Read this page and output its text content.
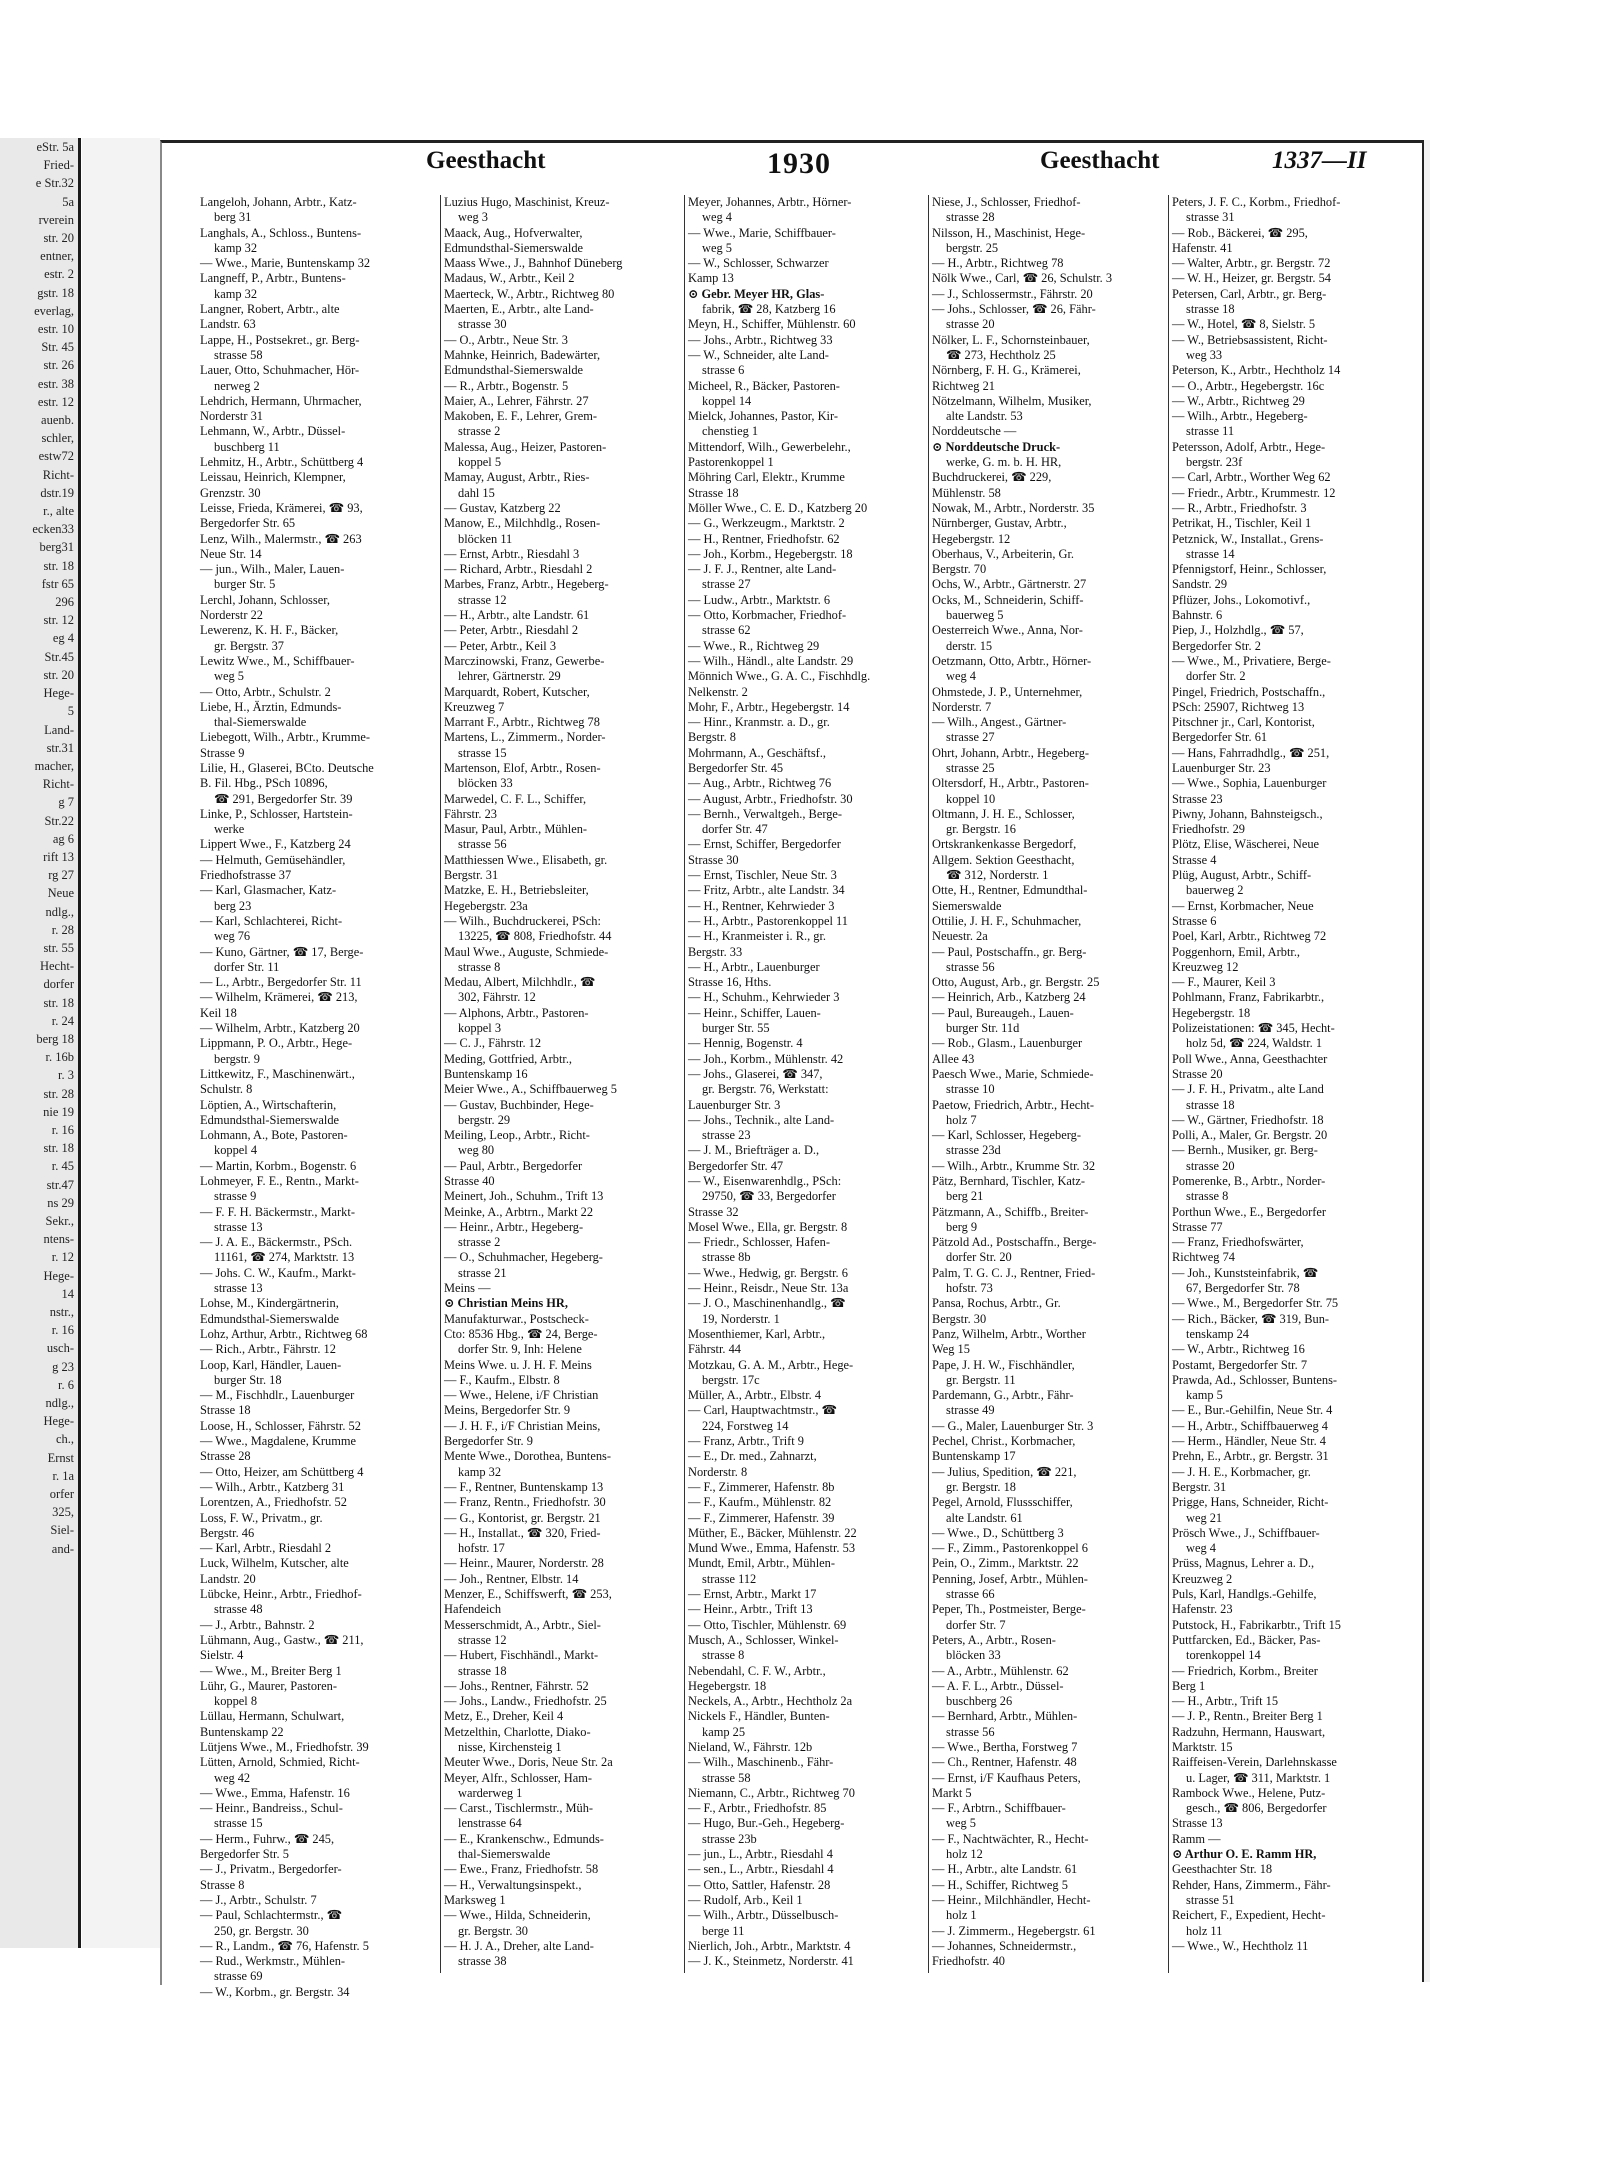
eStr. 5a
Fried-
e Str.32
5a
rverein
str. 20
entner,
estr. 2
gstr. 18
everlag,
estr. 10
Str. 45
str. 26
estr. 38
estr. 12
auenb.
schler,
estw72
Richt-
dstr.19
r., alte
ecken33
berg31
str. 18
fstr 65
296
str. 12
eg 4
Str.45
str. 20
Hege-
5
Land-
str.31
macher,
Richt-
g 7
Str.22
ag 6
rift 13
rg 27
Neue
ndlg.,
r. 28
str. 55
Hecht-
dorfer
str. 18
r. 24
berg 18
r. 16b
r. 3
str. 28
nie 19
r. 16
str. 18
r. 45
str.47
ns 29
Sekr.,
ntens-
r. 12
Hege-
14
nstr.,
r. 16
usch-
g 23
r. 6
ndlg.,
Hege-
ch.,
Ernst
r. 1a
orfer
325,
Siel-
and-
Geesthacht	1930	Geesthacht	1337—II
Langeloh, Johann, Arbtr., Katz-
berg 31
Langhals, A., Schloss., Buntens-
kamp 32
— Wwe., Marie, Buntenskamp 32
Langneff, P., Arbtr., Buntens-
kamp 32
Langner, Robert, Arbtr., alte
Landstr. 63
Lappe, H., Postsekret., gr. Berg-
strasse 58
Lauer, Otto, Schuhmacher, Hör-
nerweg 2
Lehdrich, Hermann, Uhrmacher,
Norderstr 31
Lehmann, W., Arbtr., Düssel-
buschberg 11
Lehmitz, H., Arbtr., Schüttberg 4
Leissau, Heinrich, Klempner,
Grenzstr. 30
Leisse, Frieda, Krämerei, ☎ 93,
Bergedorfer Str. 65
Lenz, Wilh., Malermstr., ☎ 263
Neue Str. 14
— jun., Wilh., Maler, Lauen-
burger Str. 5
Lerchl, Johann, Schlosser,
Norderstr 22
Lewerenz, K. H. F., Bäcker,
gr. Bergstr. 37
Lewitz Wwe., M., Schiffbauer-
weg 5
— Otto, Arbtr., Schulstr. 2
Liebe, H., Ärztin, Edmunds-
thal-Siemerswalde
Liebegott, Wilh., Arbtr., Krumme-
Strasse 9
Lilie, H., Glaserei, BCto. Deutsche
B. Fil. Hbg., PSch 10896,
☎ 291, Bergedorfer Str. 39
Linke, P., Schlosser, Hartstein-
werke
Lippert Wwe., F., Katzberg 24
— Helmuth, Gemüsehändler,
Friedhofstrasse 37
— Karl, Glasmacher, Katz-
berg 23
— Karl, Schlachterei, Richt-
weg 76
— Kuno, Gärtner, ☎ 17, Berge-
dorfer Str. 11
— L., Arbtr., Bergedorfer Str. 11
— Wilhelm, Krämerei, ☎ 213,
Keil 18
— Wilhelm, Arbtr., Katzberg 20
Lippmann, P. O., Arbtr., Hege-
bergstr. 9
Littkewitz, F., Maschinenwärt.,
Schulstr. 8
Löptien, A., Wirtschafterin,
Edmundsthal-Siemerswalde
Lohmann, A., Bote, Pastoren-
koppel 4
— Martin, Korbm., Bogenstr. 6
Lohmeyer, F. E., Rentn., Markt-
strasse 9
— F. F. H. Bäckermstr., Markt-
strasse 13
— J. A. E., Bäckermstr., PSch.
11161, ☎ 274, Marktstr. 13
— Johs. C. W., Kaufm., Markt-
strasse 13
Lohse, M., Kindergärtnerin,
Edmundsthal-Siemerswalde
Lohz, Arthur, Arbtr., Richtweg 68
— Rich., Arbtr., Fährstr. 12
Loop, Karl, Händler, Lauen-
burger Str. 18
— M., Fischhdlr., Lauenburger
Strasse 18
Loose, H., Schlosser, Fährstr. 52
— Wwe., Magdalene, Krumme
Strasse 28
— Otto, Heizer, am Schüttberg 4
— Wilh., Arbtr., Katzberg 31
Lorentzen, A., Friedhofstr. 52
Loss, F. W., Privatm., gr.
Bergstr. 46
— Karl, Arbtr., Riesdahl 2
Luck, Wilhelm, Kutscher, alte
Landstr. 20
Lübcke, Heinr., Arbtr., Friedhof-
strasse 48
— J., Arbtr., Bahnstr. 2
Lühmann, Aug., Gastw., ☎ 211,
Sielstr. 4
— Wwe., M., Breiter Berg 1
Lühr, G., Maurer, Pastoren-
koppel 8
Lüllau, Hermann, Schulwart,
Buntenskamp 22
Lütjens Wwe., M., Friedhofstr. 39
Lütten, Arnold, Schmied, Richt-
weg 42
— Wwe., Emma, Hafenstr. 16
— Heinr., Bandreiss., Schul-
strasse 15
— Herm., Fuhrw., ☎ 245,
Bergedorfer Str. 5
— J., Privatm., Bergedorfer-
Strasse 8
— J., Arbtr., Schulstr. 7
— Paul, Schlachtermstr., ☎
250, gr. Bergstr. 30
— R., Landm., ☎ 76, Hafenstr. 5
— Rud., Werkmstr., Mühlen-
strasse 69
— W., Korbm., gr. Bergstr. 34
Luzius Hugo, Maschinist, Kreuz-
weg 3
Maack, Aug., Hofverwalter,
Edmundsthal-Siemerswalde
Maass Wwe., J., Bahnhof Düneberg
Madaus, W., Arbtr., Keil 2
Maerteck, W., Arbtr., Richtweg 80
Maerten, E., Arbtr., alte Land-
strasse 30
— O., Arbtr., Neue Str. 3
Mahnke, Heinrich, Badewärter,
Edmundsthal-Siemerswalde
— R., Arbtr., Bogenstr. 5
Maier, A., Lehrer, Fährstr. 27
Makoben, E. F., Lehrer, Grem-
strasse 2
Malessa, Aug., Heizer, Pastoren-
koppel 5
Mamay, August, Arbtr., Ries-
dahl 15
— Gustav, Katzberg 22
Manow, E., Milchhdlg., Rosen-
blöcken 11
— Ernst, Arbtr., Riesdahl 3
— Richard, Arbtr., Riesdahl 2
Marbes, Franz, Arbtr., Hegeberg-
strasse 12
— H., Arbtr., alte Landstr. 61
— Peter, Arbtr., Riesdahl 2
— Peter, Arbtr., Keil 3
Marczinowski, Franz, Gewerbe-
lehrer, Gärtnerstr. 29
Marquardt, Robert, Kutscher,
Kreuzweg 7
Marrant F., Arbtr., Richtweg 78
Martens, L., Zimmerm., Norder-
strasse 15
Martenson, Elof, Arbtr., Rosen-
blöcken 33
Marwedel, C. F. L., Schiffer,
Fährstr. 23
Masur, Paul, Arbtr., Mühlen-
strasse 56
Matthiessen Wwe., Elisabeth, gr.
Bergstr. 31
Matzke, E. H., Betriebsleiter,
Hegebergstr. 23a
— Wilh., Buchdruckerei, PSch:
13225, ☎ 808, Friedhofstr. 44
Maul Wwe., Auguste, Schmiede-
strasse 8
Medau, Albert, Milchhdlr., ☎
302, Fährstr. 12
— Alphons, Arbtr., Pastoren-
koppel 3
— C. J., Fährstr. 12
Meding, Gottfried, Arbtr.,
Buntenskamp 16
Meier Wwe., A., Schiffbauerweg 5
— Gustav, Buchbinder, Hege-
bergstr. 29
Meiling, Leop., Arbtr., Richt-
weg 80
— Paul, Arbtr., Bergedorfer
Strasse 40
Meinert, Joh., Schuhm., Trift 13
Meinke, A., Arbtrn., Markt 22
— Heinr., Arbtr., Hegeberg-
strasse 2
— O., Schuhmacher, Hegeberg-
strasse 21
Meins —
⊙ Christian Meins HR,
Manufakturwar., Postscheck-
Cto: 8536 Hbg., ☎ 24, Berge-
dorfer Str. 9, Inh: Helene
Meins Wwe. u. J. H. F. Meins
— F., Kaufm., Elbstr. 8
— Wwe., Helene, i/F Christian
Meins, Bergedorfer Str. 9
— J. H. F., i/F Christian Meins,
Bergedorfer Str. 9
Mente Wwe., Dorothea, Buntens-
kamp 32
— F., Rentner, Buntenskamp 13
— Franz, Rentn., Friedhofstr. 30
— G., Kontorist, gr. Bergstr. 21
— H., Installat., ☎ 320, Fried-
hofstr. 17
— Heinr., Maurer, Norderstr. 28
— Joh., Rentner, Elbstr. 14
Menzer, E., Schiffswerft, ☎ 253,
Hafendeich
Messerschmidt, A., Arbtr., Siel-
strasse 12
— Hubert, Fischhändl., Markt-
strasse 18
— Johs., Rentner, Fährstr. 52
— Johs., Landw., Friedhofstr. 25
Metz, E., Dreher, Keil 4
Metzelthin, Charlotte, Diako-
nisse, Kirchensteig 1
Meuter Wwe., Doris, Neue Str. 2a
Meyer, Alfr., Schlosser, Ham-
warderweg 1
— Carst., Tischlermstr., Müh-
lenstrasse 64
— E., Krankenschw., Edmunds-
thal-Siemerswalde
— Ewe., Franz, Friedhofstr. 58
— H., Verwaltungsinspekt.,
Marksweg 1
— Wwe., Hilda, Schneiderin,
gr. Bergstr. 30
— H. J. A., Dreher, alte Land-
strasse 38
Meyer, Johannes, Arbtr., Hörner-
weg 4
— Wwe., Marie, Schiffbauer-
weg 5
— W., Schlosser, Schwarzer
Kamp 13
⊙ Gebr. Meyer HR, Glas-
fabrik, ☎ 28, Katzberg 16
Meyn, H., Schiffer, Mühlenstr. 60
— Johs., Arbtr., Richtweg 33
— W., Schneider, alte Land-
strasse 6
Micheel, R., Bäcker, Pastoren-
koppel 14
Mielck, Johannes, Pastor, Kir-
chenstieg 1
Mittendorf, Wilh., Gewerbelehr.,
Pastorenkoppel 1
Möhring Carl, Elektr., Krumme
Strasse 18
Möller Wwe., C. E. D., Katzberg 20
— G., Werkzeugm., Marktstr. 2
— H., Rentner, Friedhofstr. 62
— Joh., Korbm., Hegebergstr. 18
— J. F. J., Rentner, alte Land-
strasse 27
— Ludw., Arbtr., Marktstr. 6
— Otto, Korbmacher, Friedhof-
strasse 62
— Wwe., R., Richtweg 29
— Wilh., Händl., alte Landstr. 29
Mönnich Wwe., G. A. C., Fischhdlg.
Nelkenstr. 2
Mohr, F., Arbtr., Hegebergstr. 14
— Hinr., Kranmstr. a. D., gr.
Bergstr. 8
Mohrmann, A., Geschäftsf.,
Bergedorfer Str. 45
— Aug., Arbtr., Richtweg 76
— August, Arbtr., Friedhofstr. 30
— Bernh., Verwaltgeh., Berge-
dorfer Str. 47
— Ernst, Schiffer, Bergedorfer
Strasse 30
— Ernst, Tischler, Neue Str. 3
— Fritz, Arbtr., alte Landstr. 34
— H., Rentner, Kehrwieder 3
— H., Arbtr., Pastorenkoppel 11
— H., Kranmeister i. R., gr.
Bergstr. 33
— H., Arbtr., Lauenburger
Strasse 16, Hths.
— H., Schuhm., Kehrwieder 3
— Heinr., Schiffer, Lauen-
burger Str. 55
— Hennig, Bogenstr. 4
— Joh., Korbm., Mühlenstr. 42
— Johs., Glaserei, ☎ 347,
gr. Bergstr. 76, Werkstatt:
Lauenburger Str. 3
— Johs., Technik., alte Land-
strasse 23
— J. M., Briefträger a. D.,
Bergedorfer Str. 47
— W., Eisenwarenhdlg., PSch:
29750, ☎ 33, Bergedorfer
Strasse 32
Mosel Wwe., Ella, gr. Bergstr. 8
— Friedr., Schlosser, Hafen-
strasse 8b
— Wwe., Hedwig, gr. Bergstr. 6
— Heinr., Reisdr., Neue Str. 13a
— J. O., Maschinenhandlg., ☎
19, Norderstr. 1
Mosenthiemer, Karl, Arbtr.,
Fährstr. 44
Motzkau, G. A. M., Arbtr., Hege-
bergstr. 17c
Müller, A., Arbtr., Elbstr. 4
— Carl, Hauptwachtmstr., ☎
224, Forstweg 14
— Franz, Arbtr., Trift 9
— E., Dr. med., Zahnarzt,
Norderstr. 8
— F., Zimmerer, Hafenstr. 8b
— F., Kaufm., Mühlenstr. 82
— F., Zimmerer, Hafenstr. 39
Müther, E., Bäcker, Mühlenstr. 22
Mund Wwe., Emma, Hafenstr. 53
Mundt, Emil, Arbtr., Mühlen-
strasse 112
— Ernst, Arbtr., Markt 17
— Heinr., Arbtr., Trift 13
— Otto, Tischler, Mühlenstr. 69
Musch, A., Schlosser, Winkel-
strasse 8
Nebendahl, C. F. W., Arbtr.,
Hegebergstr. 18
Neckels, A., Arbtr., Hechtholz 2a
Nickels F., Händler, Bunten-
kamp 25
Nieland, W., Fährstr. 12b
— Wilh., Maschinenb., Fähr-
strasse 58
Niemann, C., Arbtr., Richtweg 70
— F., Arbtr., Friedhofstr. 85
— Hugo, Bur.-Geh., Hegeberg-
strasse 23b
— jun., L., Arbtr., Riesdahl 4
— sen., L., Arbtr., Riesdahl 4
— Otto, Sattler, Hafenstr. 28
— Rudolf, Arb., Keil 1
— Wilh., Arbtr., Düsselbusch-
berge 11
Nierlich, Joh., Arbtr., Marktstr. 4
— J. K., Steinmetz, Norderstr. 41
Niese, J., Schlosser, Friedhof-
strasse 28
Nilsson, H., Maschinist, Hege-
bergstr. 25
— H., Arbtr., Richtweg 78
Nölk Wwe., Carl, ☎ 26, Schulstr. 3
— J., Schlossermstr., Fährstr. 20
— Johs., Schlosser, ☎ 26, Fähr-
strasse 20
Nölker, L. F., Schornsteinbauer,
☎ 273, Hechtholz 25
Nörnberg, F. H. G., Krämerei,
Richtweg 21
Nötzelmann, Wilhelm, Musiker,
alte Landstr. 53
Norddeutsche —
⊙ Norddeutsche Druck-
werke, G. m. b. H. HR,
Buchdruckerei, ☎ 229,
Mühlenstr. 58
Nowak, M., Arbtr., Norderstr. 35
Nürnberger, Gustav, Arbtr.,
Hegebergstr. 12
Oberhaus, V., Arbeiterin, Gr.
Bergstr. 70
Ochs, W., Arbtr., Gärtnerstr. 27
Ocks, M., Schneiderin, Schiff-
bauerweg 5
Oesterreich Wwe., Anna, Nor-
derstr. 15
Oetzmann, Otto, Arbtr., Hörner-
weg 4
Ohmstede, J. P., Unternehmer,
Norderstr. 7
— Wilh., Angest., Gärtner-
strasse 27
Ohrt, Johann, Arbtr., Hegeberg-
strasse 25
Oltersdorf, H., Arbtr., Pastoren-
koppel 10
Oltmann, J. H. E., Schlosser,
gr. Bergstr. 16
Ortskrankenkasse Bergedorf,
Allgem. Sektion Geesthacht,
☎ 312, Norderstr. 1
Otte, H., Rentner, Edmundthal-
Siemerswalde
Ottilie, J. H. F., Schuhmacher,
Neuestr. 2a
— Paul, Postschaffn., gr. Berg-
strasse 56
Otto, August, Arb., gr. Bergstr. 25
— Heinrich, Arb., Katzberg 24
— Paul, Bureaugeh., Lauen-
burger Str. 11d
— Rob., Glasm., Lauenburger
Allee 43
Paesch Wwe., Marie, Schmiede-
strasse 10
Paetow, Friedrich, Arbtr., Hecht-
holz 7
— Karl, Schlosser, Hegeberg-
strasse 23d
— Wilh., Arbtr., Krumme Str. 32
Pätz, Bernhard, Tischler, Katz-
berg 21
Pätzmann, A., Schiffb., Breiter-
berg 9
Pätzold Ad., Postschaffn., Berge-
dorfer Str. 20
Palm, T. G. C. J., Rentner, Fried-
hofstr. 73
Pansa, Rochus, Arbtr., Gr.
Bergstr. 30
Panz, Wilhelm, Arbtr., Worther
Weg 15
Pape, J. H. W., Fischhändler,
gr. Bergstr. 11
Pardemann, G., Arbtr., Fähr-
strasse 49
— G., Maler, Lauenburger Str. 3
Pechel, Christ., Korbmacher,
Buntenskamp 17
— Julius, Spedition, ☎ 221,
gr. Bergstr. 18
Pegel, Arnold, Flussschiffer,
alte Landstr. 61
— Wwe., D., Schüttberg 3
— F., Zimm., Pastorenkoppel 6
Pein, O., Zimm., Marktstr. 22
Penning, Josef, Arbtr., Mühlen-
strasse 66
Peper, Th., Postmeister, Berge-
dorfer Str. 7
Peters, A., Arbtr., Rosen-
blöcken 33
— A., Arbtr., Mühlenstr. 62
— A. F. L., Arbtr., Düssel-
buschberg 26
— Bernhard, Arbtr., Mühlen-
strasse 56
— Wwe., Bertha, Forstweg 7
— Ch., Rentner, Hafenstr. 48
— Ernst, i/F Kaufhaus Peters,
Markt 5
— F., Arbtrn., Schiffbauer-
weg 5
— F., Nachtwächter, R., Hecht-
holz 12
— H., Arbtr., alte Landstr. 61
— H., Schiffer, Richtweg 5
— Heinr., Milchhändler, Hecht-
holz 1
— J. Zimmerm., Hegebergstr. 61
— Johannes, Schneidermstr.,
Friedhofstr. 40
Peters, J. F. C., Korbm., Friedhof-
strasse 31
— Rob., Bäckerei, ☎ 295,
Hafenstr. 41
— Walter, Arbtr., gr. Bergstr. 72
— W. H., Heizer, gr. Bergstr. 54
Petersen, Carl, Arbtr., gr. Berg-
strasse 18
— W., Hotel, ☎ 8, Sielstr. 5
— W., Betriebsassistent, Richt-
weg 33
Peterson, K., Arbtr., Hechtholz 14
— O., Arbtr., Hegebergstr. 16c
— W., Arbtr., Richtweg 29
— Wilh., Arbtr., Hegeberg-
strasse 11
Petersson, Adolf, Arbtr., Hege-
bergstr. 23f
— Carl, Arbtr., Worther Weg 62
— Friedr., Arbtr., Krummestr. 12
— R., Arbtr., Friedhofstr. 3
Petrikat, H., Tischler, Keil 1
Petznick, W., Installat., Grens-
strasse 14
Pfennigstorf, Heinr., Schlosser,
Sandstr. 29
Pflüzer, Johs., Lokomotivf.,
Bahnstr. 6
Piep, J., Holzhdlg., ☎ 57,
Bergedorfer Str. 2
— Wwe., M., Privatiere, Berge-
dorfer Str. 2
Pingel, Friedrich, Postschaffn.,
PSch: 25907, Richtweg 13
Pitschner jr., Carl, Kontorist,
Bergedorfer Str. 61
— Hans, Fahrradhdlg., ☎ 251,
Lauenburger Str. 23
— Wwe., Sophia, Lauenburger
Strasse 23
Piwny, Johann, Bahnsteigsch.,
Friedhofstr. 29
Plötz, Elise, Wäscherei, Neue
Strasse 4
Plüg, August, Arbtr., Schiff-
bauerweg 2
— Ernst, Korbmacher, Neue
Strasse 6
Poel, Karl, Arbtr., Richtweg 72
Poggenhorn, Emil, Arbtr.,
Kreuzweg 12
— F., Maurer, Keil 3
Pohlmann, Franz, Fabrikarbtr.,
Hegebergstr. 18
Polizeistationen: ☎ 345, Hecht-
holz 5d, ☎ 224, Waldstr. 1
Poll Wwe., Anna, Geesthachter
Strasse 20
— J. F. H., Privatm., alte Land
strasse 18
— W., Gärtner, Friedhofstr. 18
Polli, A., Maler, Gr. Bergstr. 20
— Bernh., Musiker, gr. Berg-
strasse 20
Pomerenke, B., Arbtr., Norder-
strasse 8
Porthun Wwe., E., Bergedorfer
Strasse 77
— Franz, Friedhofswärter,
Richtweg 74
— Joh., Kunststeinfabrik, ☎
67, Bergedorfer Str. 78
— Wwe., M., Bergedorfer Str. 75
— Rich., Bäcker, ☎ 319, Bun-
tenskamp 24
— W., Arbtr., Richtweg 16
Postamt, Bergedorfer Str. 7
Prawda, Ad., Schlosser, Buntens-
kamp 5
— E., Bur.-Gehilfin, Neue Str. 4
— H., Arbtr., Schiffbauerweg 4
— Herm., Händler, Neue Str. 4
Prehn, E., Arbtr., gr. Bergstr. 31
— J. H. E., Korbmacher, gr.
Bergstr. 31
Prigge, Hans, Schneider, Richt-
weg 21
Prösch Wwe., J., Schiffbauer-
weg 4
Prüss, Magnus, Lehrer a. D.,
Kreuzweg 2
Puls, Karl, Handlgs.-Gehilfe,
Hafenstr. 23
Putstock, H., Fabrikarbtr., Trift 15
Puttfarcken, Ed., Bäcker, Pas-
torenkoppel 14
— Friedrich, Korbm., Breiter
Berg 1
— H., Arbtr., Trift 15
— J. P., Rentn., Breiter Berg 1
Radzuhn, Hermann, Hauswart,
Marktstr. 15
Raiffeisen-Verein, Darlehnskasse
u. Lager, ☎ 311, Marktstr. 1
Rambock Wwe., Helene, Putz-
gesch., ☎ 806, Bergedorfer
Strasse 13
Ramm —
⊙ Arthur O. E. Ramm HR,
Geesthachter Str. 18
Rehder, Hans, Zimmerm., Fähr-
strasse 51
Reichert, F., Expedient, Hecht-
holz 11
— Wwe., W., Hechtholz 11
